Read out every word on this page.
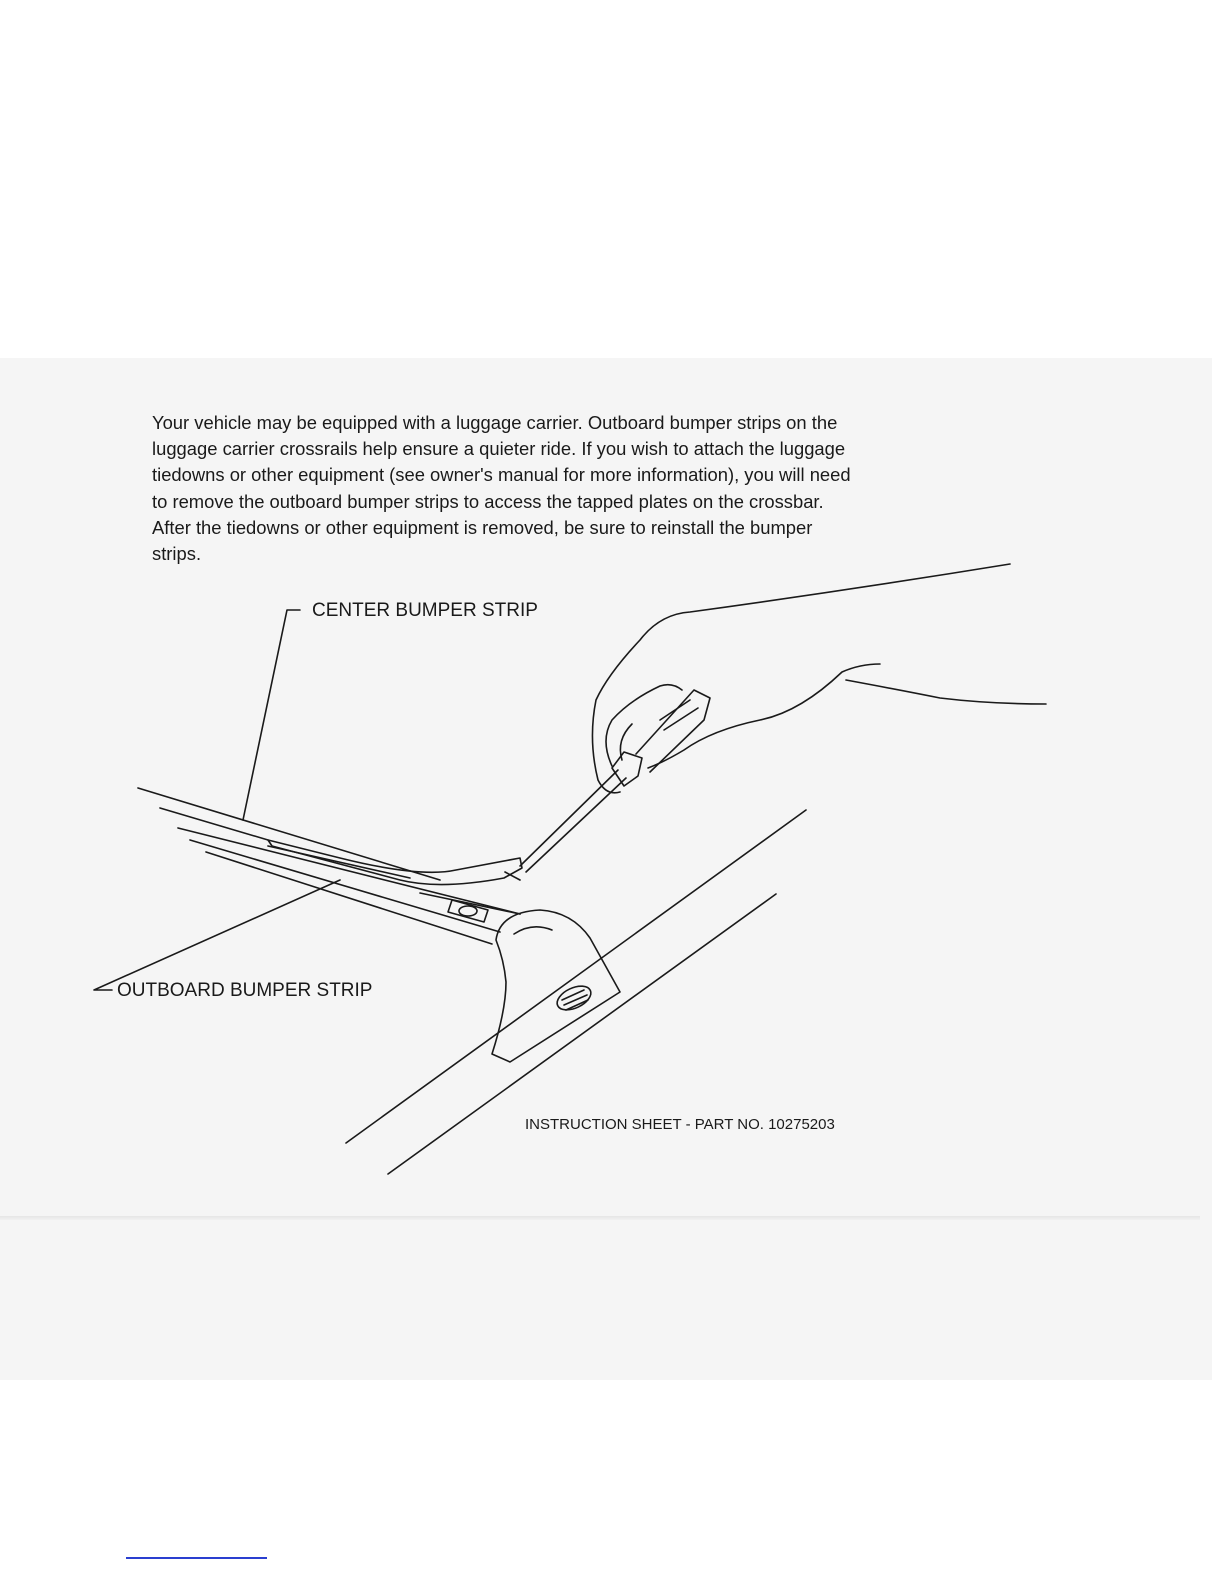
Your vehicle may be equipped with a luggage carrier. Outboard bumper strips on the
luggage carrier crossrails help ensure a quieter ride. If you wish to attach the luggage
tiedowns or other equipment (see owner's manual for more information), you will need
to remove the outboard bumper strips to access the tapped plates on the crossbar.
After the tiedowns or other equipment is removed, be sure to reinstall the bumper
strips.

CENTER BUMPER STRIP

OUTBOARD BUMPER STRIP

INSTRUCTION SHEET - PART NO. 10275203
